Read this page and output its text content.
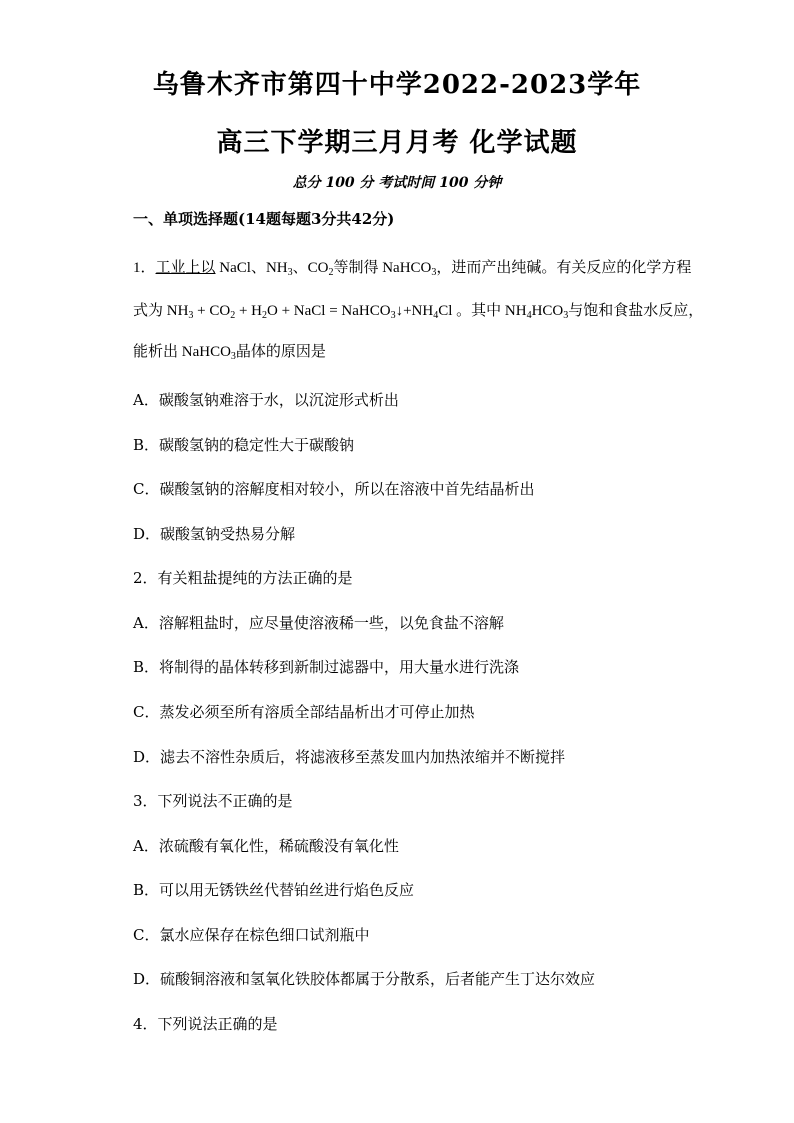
乌鲁木齐市第四十中学2022-2023学年
高三下学期三月月考 化学试题
总分 100 分 考试时间 100 分钟
一、单项选择题(14题每题3分共42分)
1．工业上以 NaCl、$NH_3$、$CO_2$等制得 NaHCO$_3$，进而产出纯碱。有关反应的化学方程
式为 $NH_3 + CO_2 + H_2O$ + NaCl = $NaHCO_3↓+NH_4Cl$ 。其中 $NH_4HCO_3$与饱和食盐水反应，
能析出 NaHCO$_3$晶体的原因是
A．碳酸氢钠难溶于水，以沉淀形式析出
B．碳酸氢钠的稳定性大于碳酸钠
C．碳酸氢钠的溶解度相对较小，所以在溶液中首先结晶析出
D．碳酸氢钠受热易分解
2．有关粗盐提纯的方法正确的是
A．溶解粗盐时，应尽量使溶液稀一些，以免食盐不溶解
B．将制得的晶体转移到新制过滤器中，用大量水进行洗涤
C．蒸发必须至所有溶质全部结晶析出才可停止加热
D．滤去不溶性杂质后，将滤液移至蒸发皿内加热浓缩并不断搅拌
3．下列说法不正确的是
A．浓硫酸有氧化性，稀硫酸没有氧化性
B．可以用无锈铁丝代替铂丝进行焰色反应
C．氯水应保存在棕色细口试剂瓶中
D．硫酸铜溶液和氢氧化铁胶体都属于分散系，后者能产生丁达尔效应
4．下列说法正确的是
